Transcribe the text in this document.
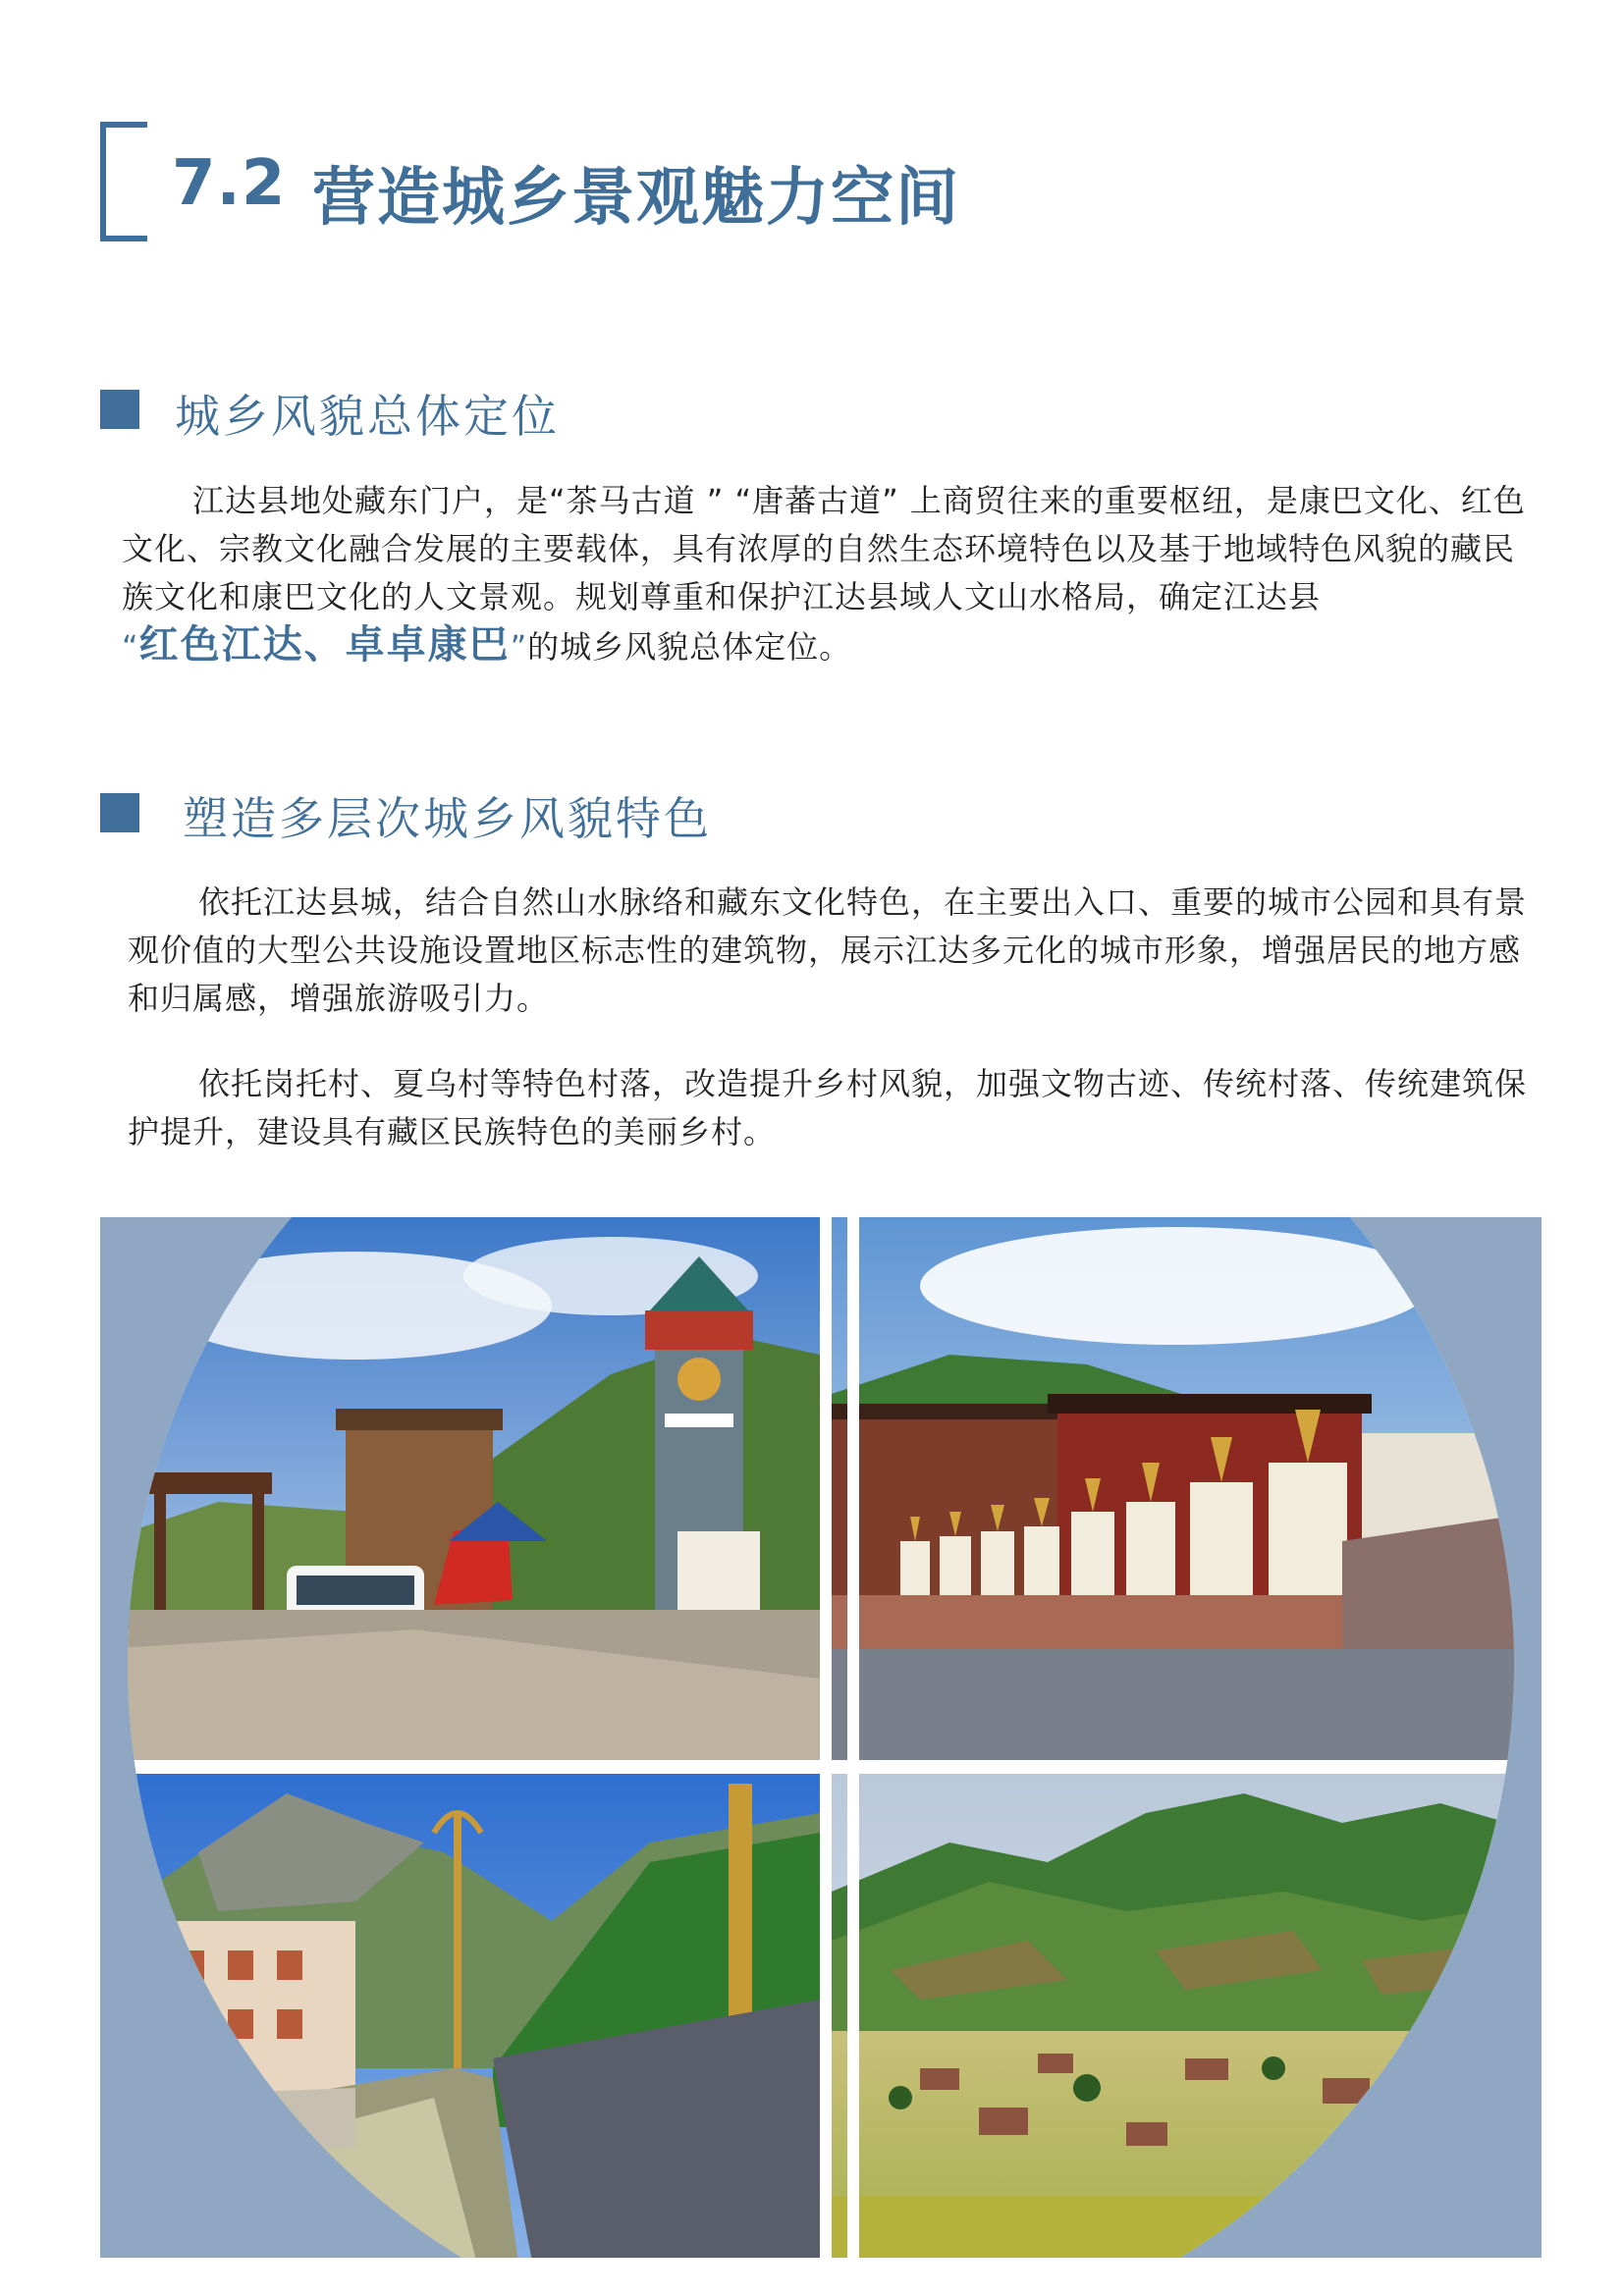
7.2 营造城乡景观魅力空间
城乡风貌总体定位
江达县地处藏东门户，是“茶马古道 ” “唐蕃古道” 上商贸往来的重要枢纽，是康巴文化、红色文化、宗教文化融合发展的主要载体，具有浓厚的自然生态环境特色以及基于地域特色风貌的藏民族文化和康巴文化的人文景观。规划尊重和保护江达县域人文山水格局，确定江达县
“红色江达、卓卓康巴”的城乡风貌总体定位。
塑造多层次城乡风貌特色
依托江达县城，结合自然山水脉络和藏东文化特色，在主要出入口、重要的城市公园和具有景观价值的大型公共设施设置地区标志性的建筑物，展示江达多元化的城市形象，增强居民的地方感和归属感，增强旅游吸引力。
依托岗托村、夏乌村等特色村落，改造提升乡村风貌，加强文物古迹、传统村落、传统建筑保护提升，建设具有藏区民族特色的美丽乡村。
